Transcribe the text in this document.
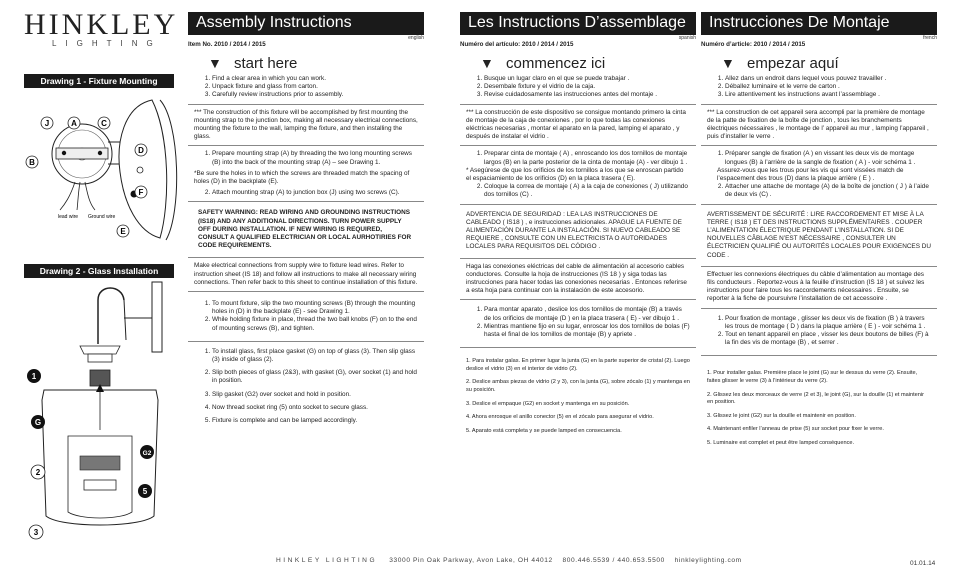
HINKLEY
LIGHTING
Drawing 1 - Fixture Mounting
J	A	C
B
D
F
E
lead wire Ground wire
Drawing 2 - Glass Installation
1
G
2
G2
5
3
Assembly Instructions
Item No. 2010 / 2014 / 2015
english
▼ start here
1. Find a clear area in which you can work.
2. Unpack fixture and glass from carton.
3. Carefully review instructions prior to assembly.
*** The construction of this fixture will be accomplished by first mounting the mounting strap to the junction box, making all necessary electrical connections, mounting the fixture to the wall, lamping the fixture, and then installing the glass.
1. Prepare mounting strap (A) by threading the two long mounting screws (B) into the back of the mounting strap (A) – see Drawing 1.
*Be sure the holes in to which the screws are threaded match the spacing of holes (D) in the backplate (E).
2. Attach mounting strap (A) to junction box (J) using two screws (C).
SAFETY WARNING: READ WIRING AND GROUNDING INSTRUCTIONS (IS18) AND ANY ADDITIONAL DIRECTIONS. TURN POWER SUPPLY OFF DURING INSTALLATION. IF NEW WIRING IS REQUIRED, CONSULT A QUALIFIED ELECTRICIAN OR LOCAL AURHOTIRIES FOR CODE REQUIREMENTS.
Make electrical connections from supply wire to fixture lead wires. Refer to instruction sheet (IS 18) and follow all instructions to make all necessary wiring connections. Then refer back to this sheet to continue installation of this fixture.
1. To mount fixture, slip the two mounting screws (B) through the mounting holes in (D) in the backplate (E) - see Drawing 1.
2. While holding fixture in place, thread the two ball knobs (F) on to the end of mounting screws (B), and tighten.
1. To install glass, first place gasket (G) on top of glass (3). Then slip glass (3) inside of glass (2).
2. Slip both pieces of glass (2&3), with gasket (G), over socket (1) and hold in position.
3. Slip gasket (G2) over socket and hold in position.
4. Now thread socket ring (5) onto socket to secure glass.
5. Fixture is complete and can be lamped accordingly.
Les Instructions D’assemblage
Numéro del artículo: 2010 / 2014 / 2015
spanish
▼ commencez ici
1. Busque un lugar claro en el que se puede trabajar .
2. Desembale fixture y el vidrio de la caja.
3. Revise cuidadosamente las instrucciones antes del montaje .
*** La construcción de este dispositivo se consigue montando primero la cinta de montaje de la caja de conexiones , por lo que todas las conexiones eléctricas necesarias , montar el aparato en la pared, lamping el aparato , y después de instalar el vidrio .
1. Preparar cinta de montaje ( A) , enroscando los dos tornillos de montaje largos (B) en la parte posterior de la cinta de montaje (A) - ver dibujo 1 .
* Asegúrese de que los orificios de los tornillos a los que se enroscan partido el espaciamiento de los orificios (D) en la placa trasera ( E).
2. Coloque la correa de montaje ( A) a la caja de conexiones ( J) utilizando dos tornillos (C) .
ADVERTENCIA DE SEGURIDAD : LEA LAS INSTRUCCIONES DE CABLEADO ( IS18 ) , e instrucciones adicionales. APAGUE LA FUENTE DE ALIMENTACIÓN DURANTE LA INSTALACIÓN. SI NUEVO CABLEADO SE REQUIERE , CONSULTE CON UN ELECTRICISTA O AUTORIDADES LOCALES PARA REQUISITOS DEL CÓDIGO .
Haga las conexiones eléctricas del cable de alimentación al accesorio cables conductores. Consulte la hoja de instrucciones (IS 18 ) y siga todas las instrucciones para hacer todas las conexiones necesarias . Entonces referirse a esta hoja para continuar con la instalación de este accesorio.
1. Para montar aparato , deslice los dos tornillos de montaje (B) a través de los orificios de montaje (D ) en la placa trasera ( E) - ver dibujo 1 .
2. Mientras mantiene fijo en su lugar, enroscar los dos tornillos de bolas (F) hasta el final de los tornillos de montaje (B) y apriete .
1. Para instalar galas. En primer lugar la junta (G) en la parte superior de cristal (2). Luego deslice el vidrio (3) en el interior de vidrio (2).
2. Deslice ambas piezas de vidrio (2 y 3), con la junta (G), sobre zócalo (1) y mantenga en su posición.
3. Deslice el empaque (G2) en socket y mantenga en su posición.
4. Ahora enrosque el anillo conector (5) en el zócalo para asegurar el vidrio.
5. Aparato está completa y se puede lamped en consecuencia.
Instrucciones De Montaje
Numéro d’article: 2010 / 2014 / 2015
french
▼ empezar aquí
1. Allez dans un endroit dans lequel vous pouvez travailler .
2. Déballez luminaire et le verre de carton .
3. Lire attentivement les instructions avant l’assemblage .
*** La construction de cet appareil sera accompli par la première de montage de la patte de fixation de la boîte de jonction , tous les branchements électriques nécessaires , le montage de l’ appareil au mur , lamping l’appareil , puis d’installer le verre .
1. Préparer sangle de fixation (A ) en vissant les deux vis de montage longues (B) à l’arrière de la sangle de fixation ( A ) - voir schéma 1 .
Assurez-vous que les trous pour les vis qui sont vissées match de l’espacement des trous (D) dans la plaque arrière ( E ) .
2. Attacher une attache de montage (A) de la boîte de jonction ( J ) à l’aide de deux vis (C) .
AVERTISSEMENT DE SÉCURITÉ : LIRE RACCORDEMENT ET MISE À LA TERRE ( IS18 ) ET DES INSTRUCTIONS SUPPLÉMENTAIRES . COUPER L’ALIMENTATION ÉLECTRIQUE PENDANT L’INSTALLATION. SI DE NOUVELLES CÂBLAGE N’EST NÉCESSAIRE , CONSULTER UN ÉLECTRICIEN QUALIFIÉ OU AUTORITÉS LOCALES POUR EXIGENCES DU CODE .
Effectuer les connexions électriques du câble d’alimentation au montage des fils conducteurs . Reportez-vous à la feuille d’instruction (IS 18 ) et suivez les instructions pour faire tous les raccordements nécessaires . Ensuite, se reporter à la fiche de poursuivre l’installation de cet accessoire .
1. Pour fixation de montage , glisser les deux vis de fixation (B ) à travers les trous de montage ( D ) dans la plaque arrière ( E ) - voir schéma 1 .
2. Tout en tenant appareil en place , visser les deux boutons de billes (F) à la fin des vis de montage (B) , et serrer .
1. Pour installer galas. Première place le joint (G) sur le dessus du verre (2). Ensuite, faites glisser le verre (3) à l’intérieur du verre (2).
2. Glissez les deux morceaux de verre (2 et 3), le joint (G), sur la douille (1) et maintenir en position.
3. Glissez le joint (G2) sur la douille et maintenir en position.
4. Maintenant enfiler l’anneau de prise (5) sur socket pour fixer le verre.
5. Luminaire est complet et peut être lamped conséquence.
HINKLEY LIGHTING 33000 Pin Oak Parkway, Avon Lake, OH 44012 800.446.5539 / 440.653.5500 hinkleylighting.com	01.01.14
